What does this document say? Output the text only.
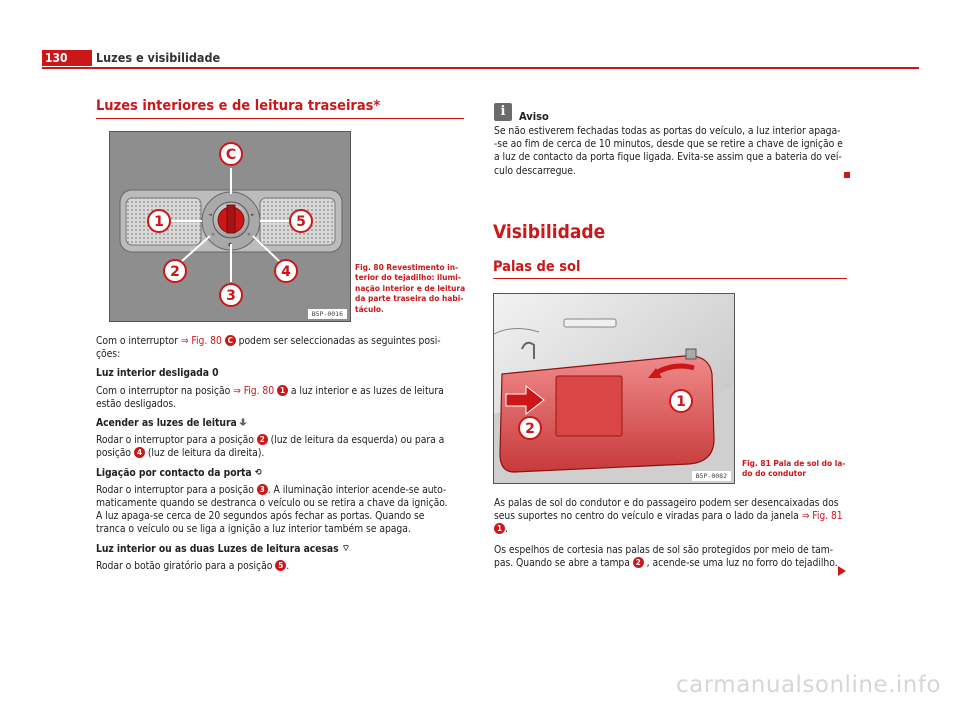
130	Luzes e visibilidade
Luzes interiores e de leitura traseiras*
◄	►
✕	✕
●
C
1	5
2	4
3
B5P-0016
Fig. 80 Revestimento in-
terior do tejadilho: ilumi-
nação interior e de leitura
da parte traseira do habi-
táculo.

Com o interruptor ⇒ Fig. 80 C podem ser seleccionadas as seguintes posi-
ções:

Luz interior desligada 0

Com o interruptor na posição ⇒ Fig. 80 1 a luz interior e as luzes de leitura
estão desligados.

Acender as luzes de leitura ⥥

Rodar o interruptor para a posição 2 (luz de leitura da esquerda) ou para a
posição 4 (luz de leitura da direita).

Ligação por contacto da porta ⟲

Rodar o interruptor para a posição 3 . A iluminação interior acende-se auto-
maticamente quando se destranca o veículo ou se retira a chave da ignição.
A luz apaga-se cerca de 20 segundos após fechar as portas. Quando se
tranca o veículo ou se liga a ignição a luz interior também se apaga.

Luz interior ou as duas Luzes de leitura acesas ⌔

Rodar o botão giratório para a posição 5 .

i	Aviso
Se não estiverem fechadas todas as portas do veículo, a luz interior apaga-
-se ao fim de cerca de 10 minutos, desde que se retire a chave de ignição e
a luz de contacto da porta fique ligada. Evita-se assim que a bateria do veí-
culo descarregue.
Visibilidade
Palas de sol
1
2
B5P-0082
Fig. 81 Pala de sol do la-
do do condutor

As palas de sol do condutor e do passageiro podem ser desencaixadas dos
seus suportes no centro do veículo e viradas para o lado da janela ⇒ Fig. 81
1 .

Os espelhos de cortesia nas palas de sol são protegidos por meio de tam-
pas. Quando se abre a tampa 2 , acende-se uma luz no forro do tejadilho.

carmanualsonline.info
